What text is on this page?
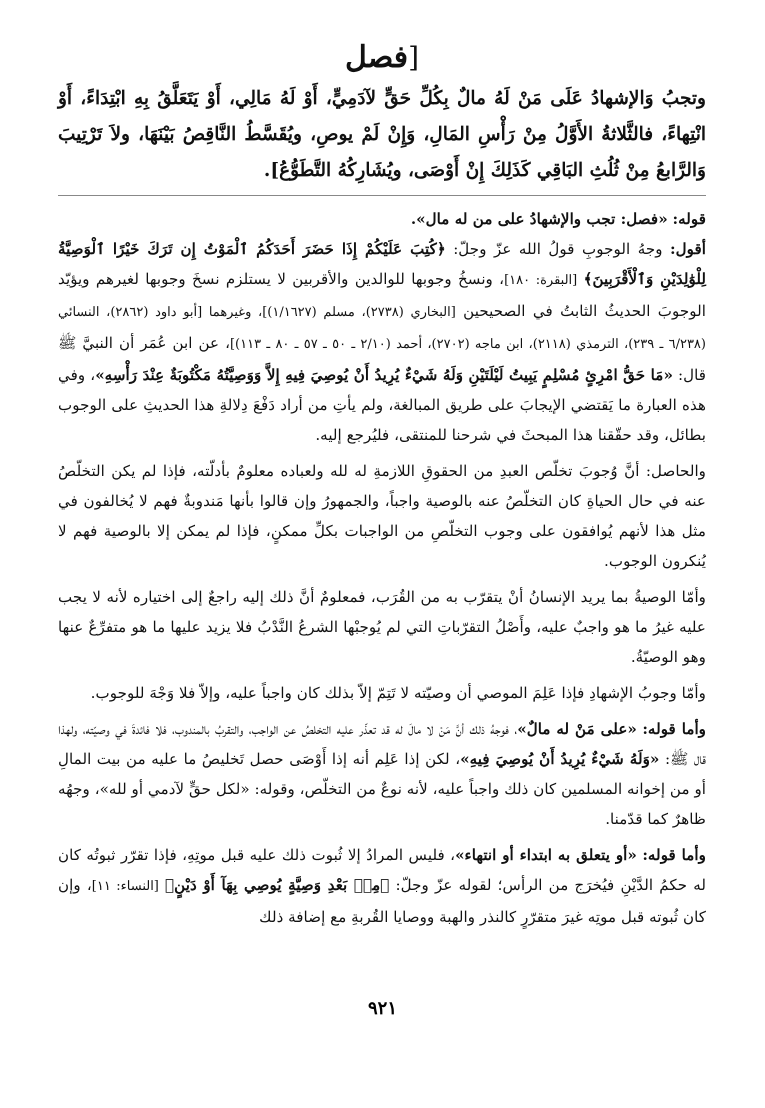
[فصل
وتجبُ وَالإشهادُ عَلَى مَنْ لَهُ مالٌ بِكُلِّ حَقٍّ لآدَمِيٍّ، أَوْ لَهُ مَالِي، أَوْ يَتَعَلَّقُ بِهِ ابْتِدَاءً، أَوْ انْتِهاءً، فالثَّلاثةُ الأَوَّلُ مِنْ رَأْسِ المَالِ، وَإِنْ لَمْ يوصِ، ويُقَسَّطُ النَّاقِصُ بَيْنَهَا، ولاَ تَرْتِيبَ وَالرَّابعُ مِنْ ثُلُثِ البَاقِي كَذَلِكَ إِنْ أَوْصَى، ويُشَارِكُهُ التَّطَوُّعُ].
قوله: «فصل: تجب والإشهادُ على من له مال».
أقول: وجهُ الوجوبِ قولُ الله عزّ وجلّ: ﴿كُتِبَ عَلَيْكُمْ إِذَا حَضَرَ أَحَدَكُمُ ٱلْمَوْتُ إِن تَرَكَ خَيْرًا ٱلْوَصِيَّةُ لِلْوَٰلِدَيْنِ وَٱلْأَقْرَبِينَ﴾ [البقرة: ١٨٠]، ونسخُ وجوبها للوالدين والأقربين لا يستلزم نسخَ وجوبها لغيرهم ويؤيّد الوجوبَ الحديثُ الثابتُ في الصحيحين [البخاري (٢٧٣٨)، مسلم (١/١٦٢٧)]، وغيرهما [أبو داود (٢٨٦٢)، النسائي (٦/٢٣٨ ـ ٢٣٩)، الترمذي (٢١١٨)، ابن ماجه (٢٧٠٢)، أحمد (٢/١٠ ـ ٥٠ ـ ٥٧ ـ ٨٠ ـ ١١٣)]، عن ابن عُمَر أن النبيَّ ﷺ قال: «مَا حَقُّ امْرِئٍ مُسْلِمٍ يَبِيتُ لَيْلَتَيْنِ وَلَهُ شَيْءٌ يُرِيدُ أَنْ يُوصِيَ فِيهِ إِلاَّ وَوَصِيَّتُهُ مَكْتُوبَةٌ عِنْدَ رَأْسِهِ»، وفي هذه العبارة ما يَقتضي الإيجابَ على طريق المبالغة، ولم يأتِ من أراد دَفْعَ دِلالةِ هذا الحديثِ على الوجوب بطائل، وقد حقّقنا هذا المبحثَ في شرحنا للمنتقى، فليُرجع إليه.
والحاصل: أنَّ وُجوبَ تخلّص العبدِ من الحقوقِ اللازمةِ له لله ولعباده معلومٌ بأدلّته، فإذا لم يكن التخلّصُ عنه في حال الحياةِ كان التخلّصُ عنه بالوصية واجباً، والجمهورُ وإن قالوا بأنها مَندوبةٌ فهم لا يُخالفون في مثل هذا لأنهم يُوافقون على وجوب التخلّصِ من الواجبات بكلِّ ممكنٍ، فإذا لم يمكن إلا بالوصية فهم لا يُنكرون الوجوب.
وأمّا الوصيةُ بما يريد الإنسانُ أنْ يتقرّب به من القُرَب، فمعلومٌ أنَّ ذلك إليه راجعٌ إلى اختياره لأنه لا يجب عليه غيرُ ما هو واجبٌ عليه، وأَصْلُ التقرّباتِ التي لم يُوجبْها الشرعُ النَّدْبُ فلا يزيد عليها ما هو متفرِّعٌ عنها وهو الوصيّةُ.
وأمّا وجوبُ الإشهادِ فإذا عَلِمَ الموصي أن وصيّته لا تَتِمّ إلاّ بذلك كان واجباً عليه، وإلاّ فلا وَجْهَ للوجوب.
وأما قوله: «على مَنْ له مالٌ»، فوجهُ ذلك أنَّ مَنْ لا مالَ له قد تعذّر عليه التخلصُ عن الواجب، والتقربُ بالمندوب، فلا فائدةَ في وصيّته، ولهذا قال ﷺ: «وَلَهُ شَيْءٌ يُرِيدُ أَنْ يُوصِيَ فِيهِ»، لكن إذا عَلِم أنه إذا أَوْصَى حصل تَخليصُ ما عليه من بيت المالِ أو من إخوانه المسلمين كان ذلك واجباً عليه، لأنه نوعٌ من التخلّص، وقوله: «لكل حقٍّ لآدمي أو لله»، وجهُه ظاهرٌ كما قدّمنا.
وأما قوله: «أو يتعلق به ابتداء أو انتهاء»، فليس المرادُ إلا ثُبوت ذلك عليه قبل موتِهِ، فإذا تقرّر ثبوتُه كان له حكمُ الدَّيْنِ فيُخرَج من الرأس؛ لقوله عزّ وجلّ: ﴿مِنۢ بَعْدِ وَصِيَّةٍ يُوصِي بِهَآ أَوْ دَيْنٍ﴾ [النساء: ١١]، وإن كان ثُبوته قبل موتِه غيرَ متقرّرٍ كالنذر والهبة ووصايا القُربةِ مع إضافة ذلك
٩٢١
